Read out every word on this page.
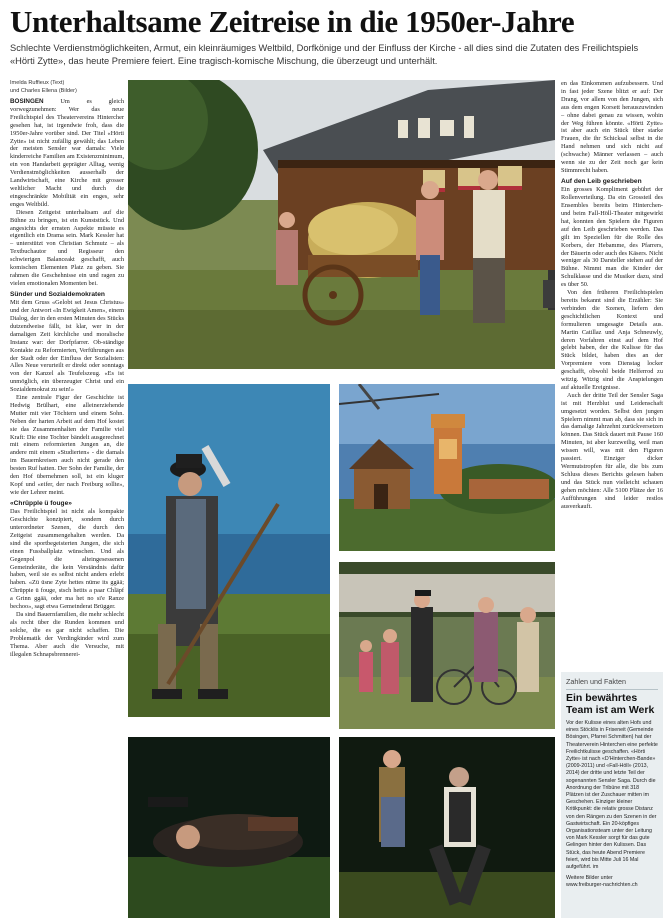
Unterhaltsame Zeitreise in die 1950er-Jahre

Schlechte Verdienstmöglichkeiten, Armut, ein kleinräumiges Weltbild, Dorfkönige und der Einfluss der Kirche - all dies sind die Zutaten des Freilichtspiels «Hörti Zytte», das heute Premiere feiert. Eine tragisch-komische Mischung, die überzeugt und unterhält.

Imelda Ruffieux (Text)
und Charles Ellena (Bilder)

BÖSINGEN	Um es gleich vorwegzunehmen: Wer das neue Freilichtspiel des Theatervereins Hintercher gesehen hat, ist irgendwie froh, dass die 1950er-Jahre vorüber sind. Der Titel «Hörti Zytte» ist nicht zufällig gewählt; das Leben der meisten Sensler war damals: Viele kinderreiche Familien am Existenzminimum, ein von Handarbeit geprägter Alltag, wenig Verdienstmöglichkeiten ausserhalb der Landwirtschaft, eine Kirche mit grosser weltlicher Macht und durch die eingeschränkte Mobilität ein enges, sehr enges Weltbild.

Diesen Zeitgeist unterhaltsam auf die Bühne zu bringen, ist ein Kunststück. Und angesichts der ernsten Aspekte müsste es eigentlich ein Drama sein. Mark Kessler hat – unterstützt von Christian Schmutz – als Textbuchautor und Regisseur den schwierigen Balanceakt geschafft, auch komischen Elementen Platz zu geben. Sie rahmen die Geschehnisse ein und ragen zu vielen emotionalen Momenten bei.

Sünder und Sozialdemokraten

Mit dem Gruss «Gelobt sei Jesus Christus» und der Antwort «In Ewigkeit Amen», einem Dialog, der in den ersten Minuten des Stücks dutzendweise fällt, ist klar, wer in der damaligen Zeit kirchliche und moralische Instanz war: der Dorfpfarrer. Ob-ständige Kontakte zu Reformierten, Verführungen aus der Stadt oder der Einfluss der Sozialisten: Alles Neue verurteilt er direkt oder sonntags von der Kanzel als Teufelszeug. «Es ist unmöglich, ein überzeugter Christ und ein Sozialdemokrat zu sein!»

Eine zentrale Figur der Geschichte ist Hedwig Brülhart, eine alleinerziehende Mutter mit vier Töchtern und einem Sohn. Neben der harten Arbeit auf dem Hof kostet sie das Zusammenhalten der Familie viel Kraft: Die eine Tochter bändelt ausgerechnet mit einem reformierten Jungen an, die andere mit einem «Studierten» - die damals im Bauernkreisen auch nicht gerade den besten Ruf hatten. Der Sohn der Familie, der den Hof übernehmen soll, ist ein kluger Kopf und «eifer, der nach Freiburg sollte», wie der Lehrer meint.

«Chrüpple ü fouge»

Das Freilichtspiel ist nicht als kompakte Geschichte konzipiert, sondern durch unterordneter Szenen, die durch den Zeitgeist zusammengehalten werden. Da sind die sportbegeisterten Jungen, die sich einen Fussballplatz wünschen. Und als Gegenpol die alteingesessenen Gemeinderäte, die kein Verständnis dafür haben, weil sie es selbst nicht anders erlebt haben. «Zü üsne Zyte hettes nüme its ggää; Chrüppie ü fouge, stsch hetits a paar Chläpf a Grinn ggää, oder ma het no si'e Ranze bechoo», sagt etwa Gemeinderat Brügger.

Da sind Bauernfamilien, die mehr schlecht als recht über die Runden kommen und solche, die es gar nicht schaffen. Die Problematik der Verdingkinder wird zum Thema. Aber auch die Versuche, mit illegalen Schnapsbrennerei-

en das Einkommen aufzubessern. Und in fast jeder Szene blitzt er auf: Der Drang, vor allem von den Jungen, sich aus dem engen Korsett herauszuwinden – ohne dabei genau zu wissen, wohin der Weg führen könnte. «Hörti Zytte» ist aber auch ein Stück über starke Frauen, die ihr Schicksal selbst in die Hand nehmen und sich nicht auf (schwache) Männer verlassen – auch wenn sie zu der Zeit noch gar kein Stimmrecht haben.

Auf den Leib geschrieben

Ein grosses Kompliment gebührt der Rollenverteilung. Da ein Grossteil des Ensembles bereits beim Hinterchen- und beim Fall-Höll-Theater mitgewirkt hat, konnten den Spielern die Figuren auf den Leib geschrieben werden. Das gilt im Speziellen für die Rolle des Korbers, der Hebamme, des Pfarrers, der Bäuerin oder auch des Käsers. Nicht weniger als 30 Darsteller stehen auf der Bühne. Nimmt man die Kinder der Schulklasse und die Musiker dazu, sind es über 50.

Von den früheren Freilichtspielen bereits bekannt sind die Erzähler: Sie verbinden die Szenen, liefern den geschichtlichen Kontext und formulieren umgesagte Details aus. Martin Catillaz und Anja Schneuwly, deren Vorfahren einst auf dem Hof gelebt haben, der die Kulisse für das Stück bildet, haben dies an der Vorpremiere vom Dienstag locker geschafft, obwohl beide Helferrod zu witzig. Witzig sind die Anspielungen auf aktuelle Ereignisse.

Auch der dritte Teil der Sensler Saga ist mit Herzblut und Leidenschaft umgesetzt worden. Selbst den jungen Spielern nimmt man ab, dass sie sich in das damalige Jahrzehnt zurückversetzen können. Das Stück dauert mit Pause 160 Minuten, ist aber kurzweilig, weil man wissen will, was mit den Figuren passiert. Einziger dicker Wermutstropfen für alle, die bis zum Schluss dieses Berichts gelesen haben und das Stück nun vielleicht schauen gehen möchten: Alle 5100 Plätze der 16 Aufführungen sind leider restlos ausverkauft.

Zahlen und Fakten
Ein bewährtes Team ist am Werk
Vor der Kulisse eines alten Hofs und eines Stöcklis in Friseneit (Gemeinde Bösingen, Pfarrei Schmitten) hat der Theaterverein Hinterchen eine perfekte Freilichtkulisse geschaffen. «Hörti Zytte» ist nach «D'Hinterchen-Bande» (2009-2011) und «Fall-Höll» (2013, 2014) der dritte und letzte Teil der sogenannten Sensler Saga. Durch die Anordnung der Tribüne mit 318 Plätzen ist der Zuschauer mitten im Geschehen. Einziger kleiner Kritikpunkt: die relativ grosse Distanz von den Rängen zu den Szenen in der Gastwirtschaft. Ein 20-köpfiges Organisationsteam unter der Leitung von Mark Kessler sorgt für das gute Gelingen hinter den Kulissen. Das Stück, das heute Abend Premiere feiert, wird bis Mitte Juli 16 Mal aufgeführt. im
Weitere Bilder unter
www.freiburger-nachrichten.ch
